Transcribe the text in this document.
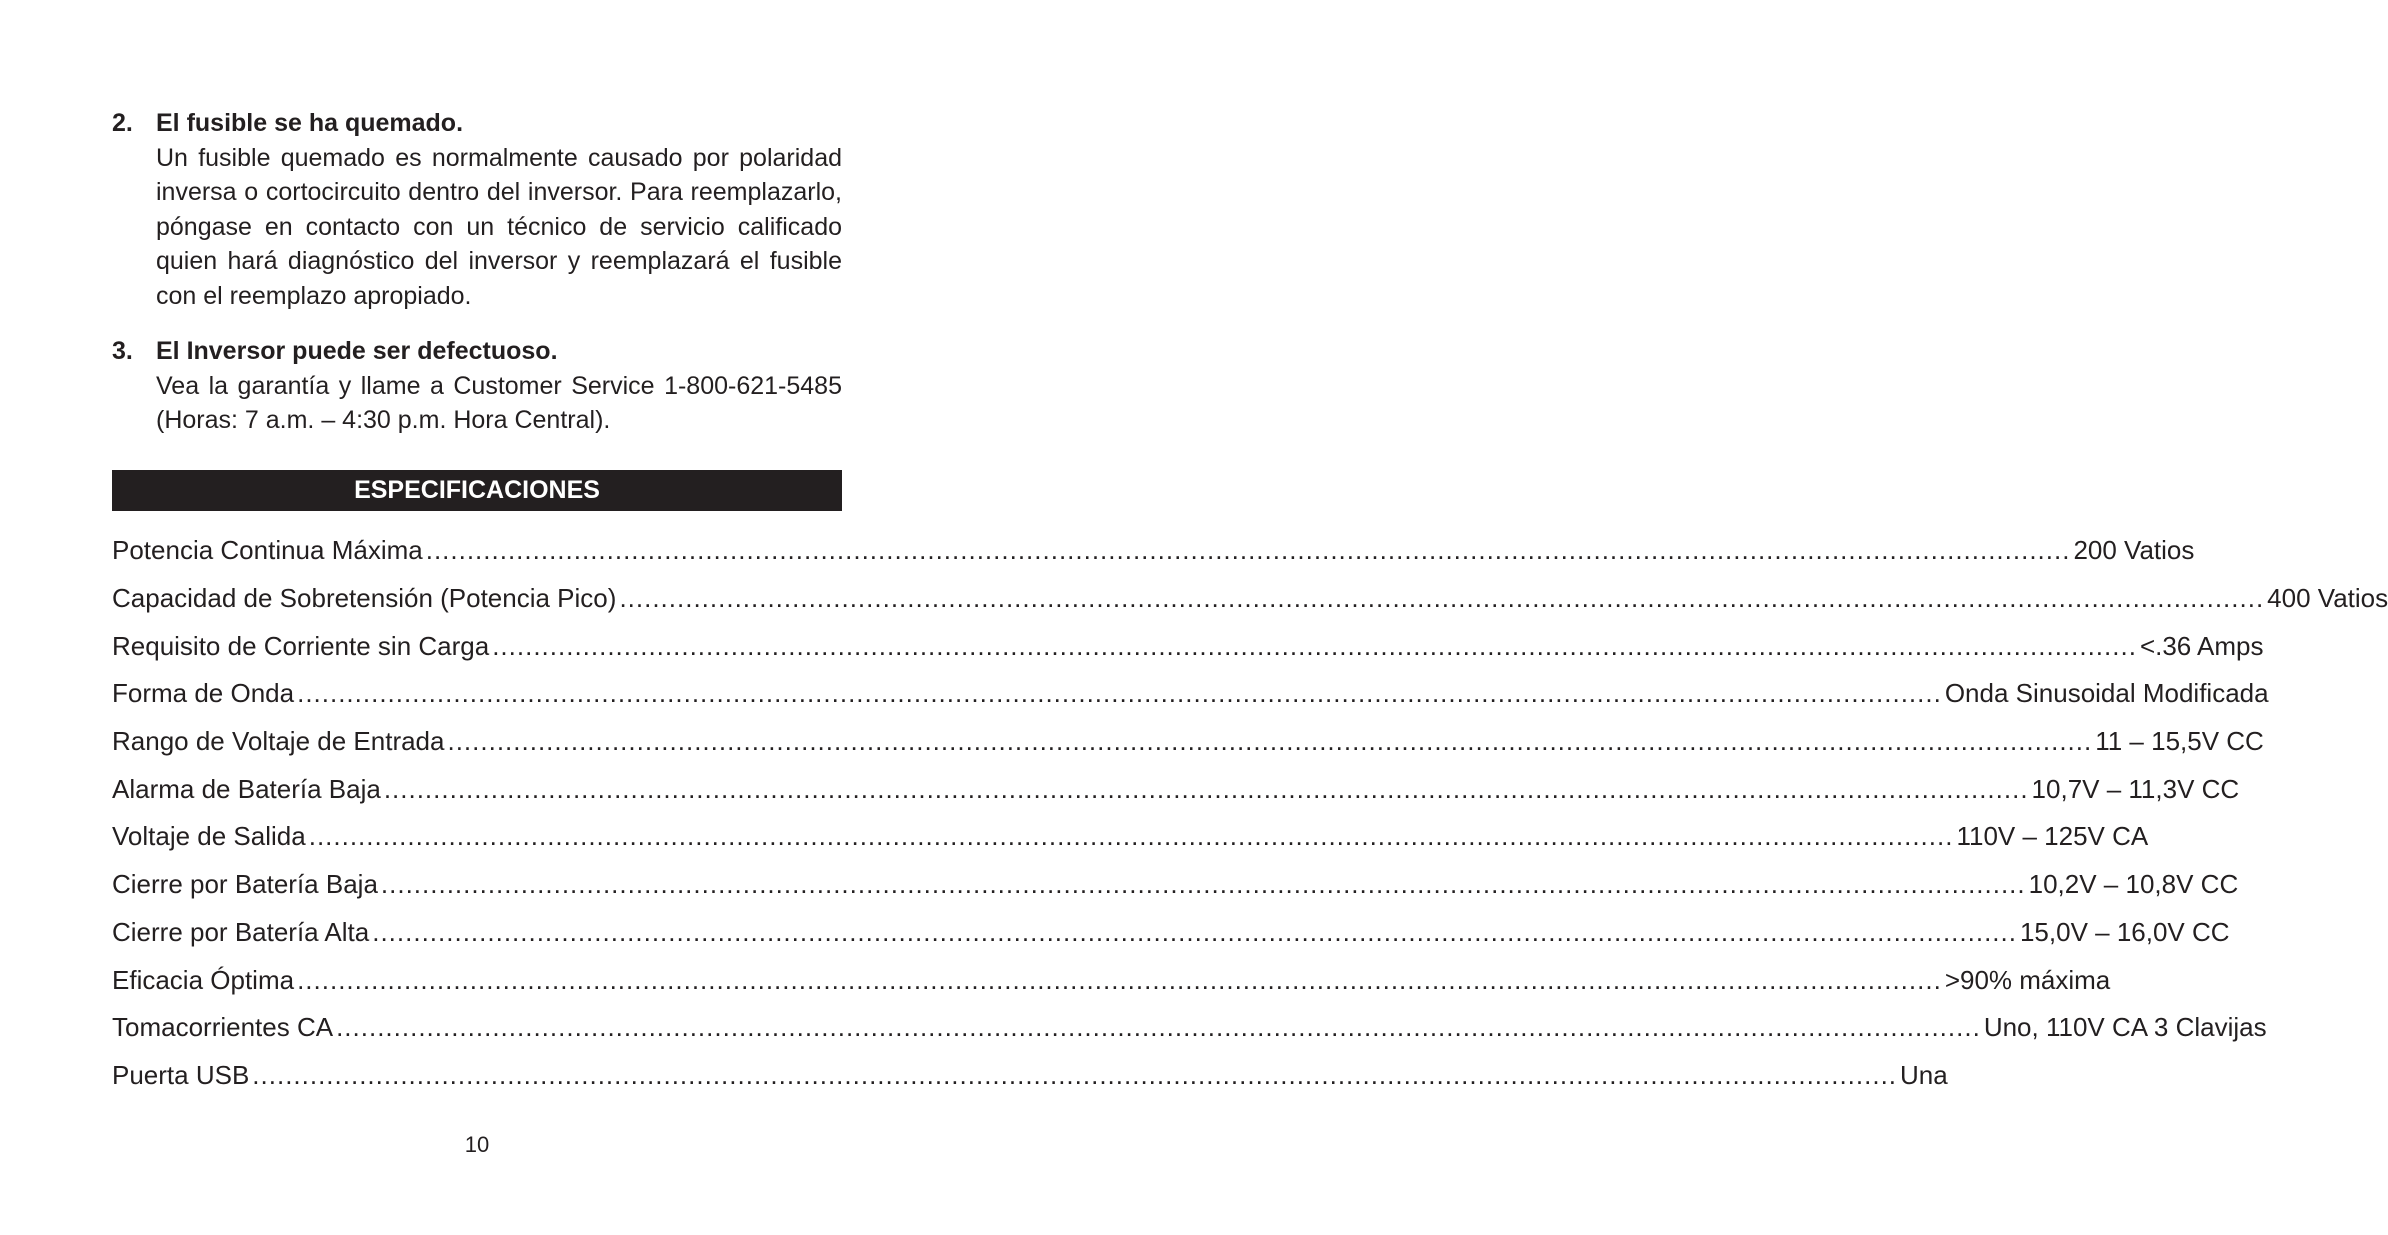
2. El fusible se ha quemado.
Un fusible quemado es normalmente causado por polaridad inversa o cortocircuito dentro del inversor. Para reemplazarlo, póngase en contacto con un técnico de servicio calificado quien hará diagnóstico del inversor y reemplazará el fusible con el reemplazo apropiado.
3. El Inversor puede ser defectuoso.
Vea la garantía y llame a Customer Service 1-800-621-5485 (Horas: 7 a.m. – 4:30 p.m. Hora Central).
ESPECIFICACIONES
Potencia Continua Máxima ........................................................................................................................................................................................................ 200 Vatios
Capacidad de Sobretensión (Potencia Pico) ........................................................................................................................................................................................................ 400 Vatios
Requisito de Corriente sin Carga ........................................................................................................................................................................................................ <.36 Amps
Forma de Onda ........................................................................................................................................................................................................ Onda Sinusoidal Modificada
Rango de Voltaje de Entrada ........................................................................................................................................................................................................ 11 – 15,5V CC
Alarma de Batería Baja ........................................................................................................................................................................................................ 10,7V – 11,3V CC
Voltaje de Salida ........................................................................................................................................................................................................ 110V – 125V CA
Cierre por Batería Baja ........................................................................................................................................................................................................ 10,2V – 10,8V CC
Cierre por Batería Alta ........................................................................................................................................................................................................ 15,0V – 16,0V CC
Eficacia Óptima ........................................................................................................................................................................................................ >90% máxima
Tomacorrientes CA ........................................................................................................................................................................................................ Uno, 110V CA 3 Clavijas
Puerta USB ........................................................................................................................................................................................................ Una
10
